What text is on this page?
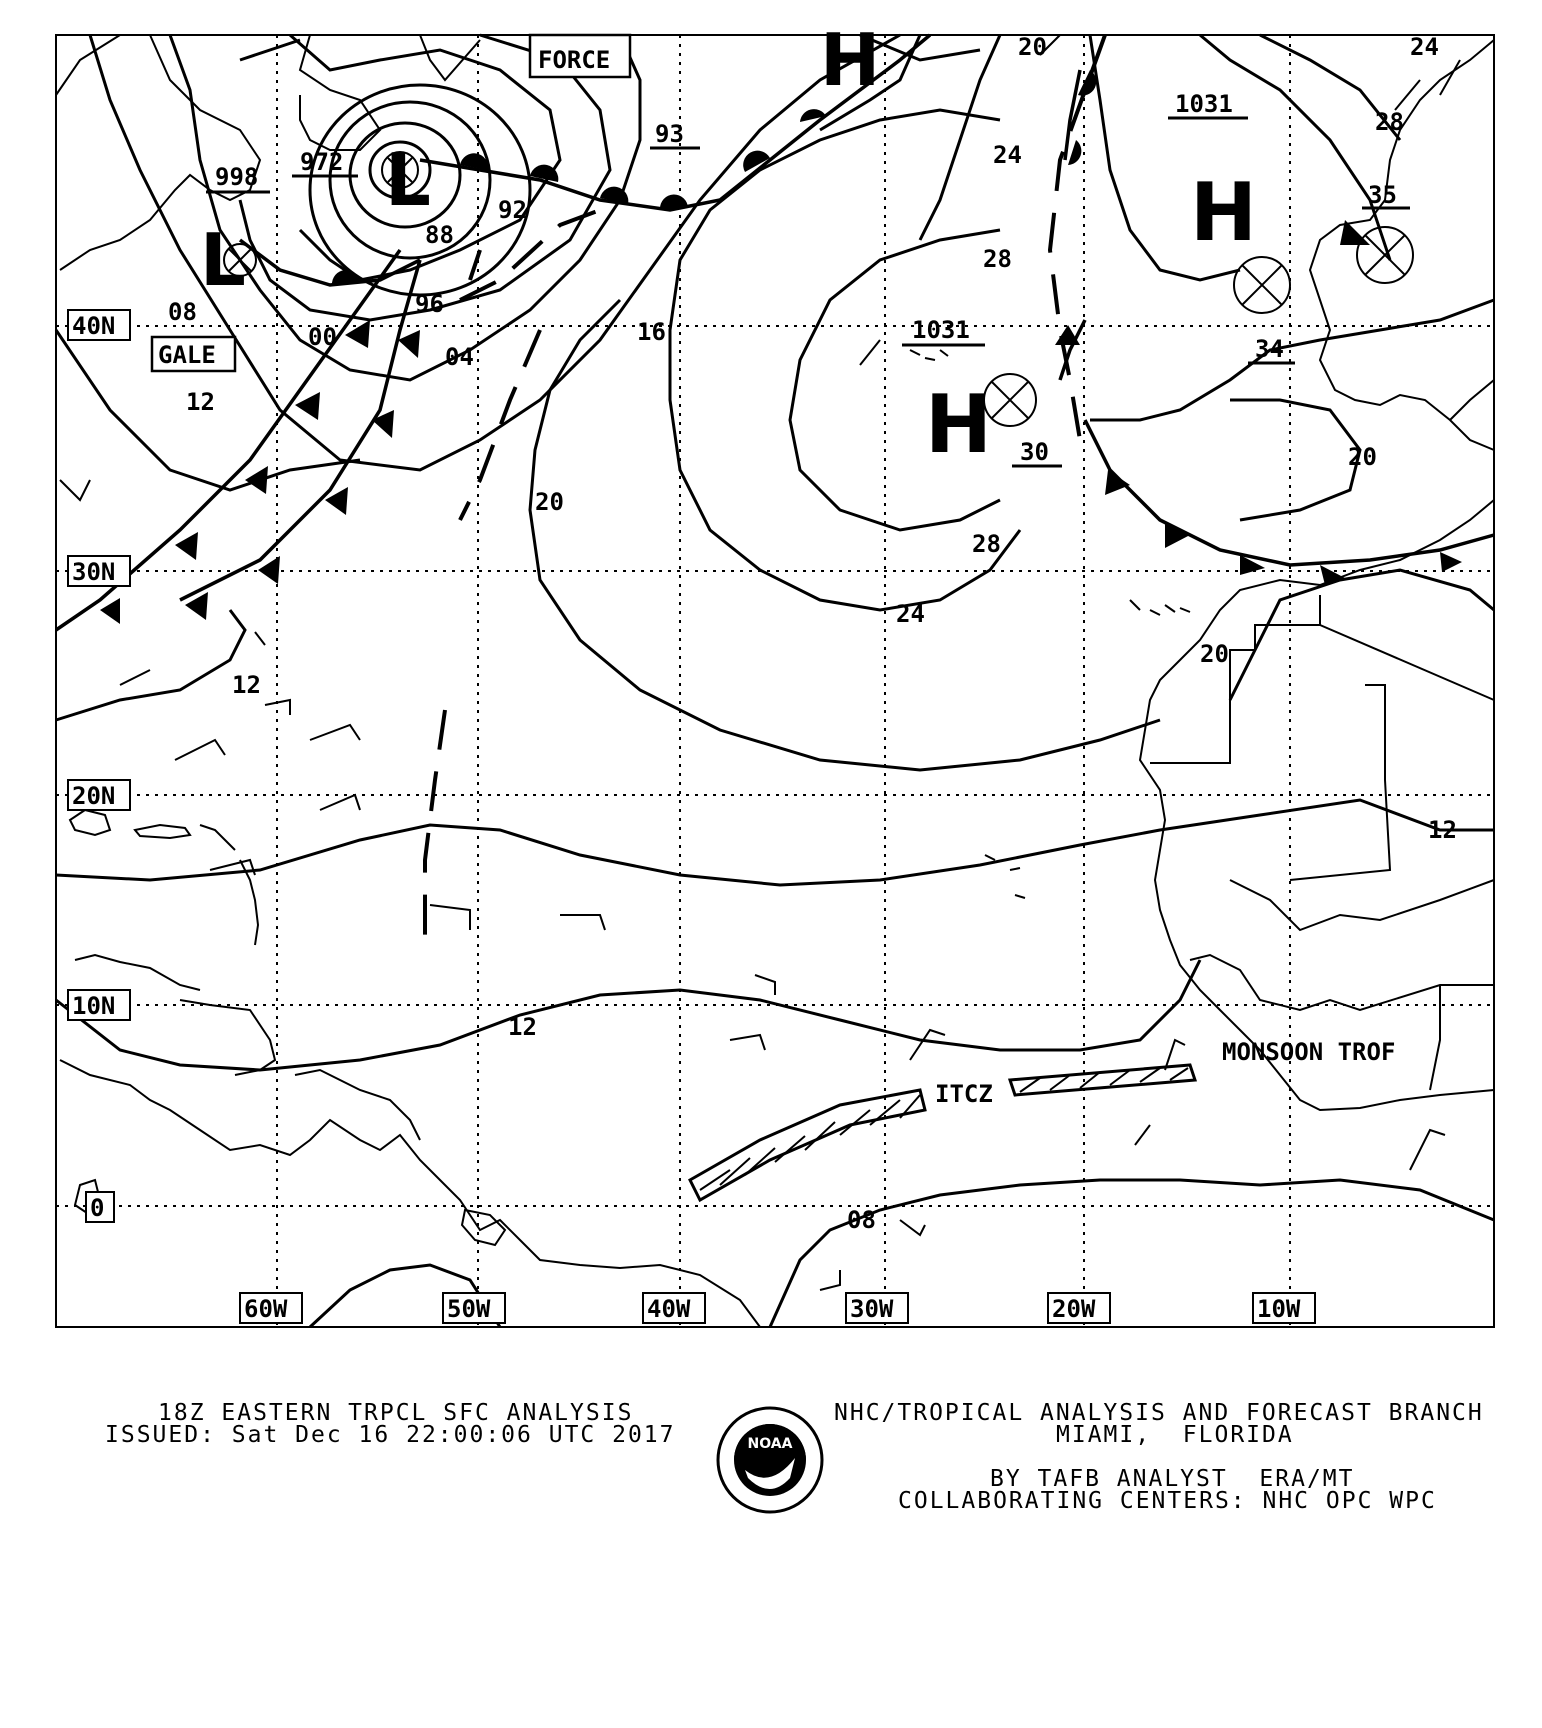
L
L
H
H
H
998
972
93
1031
1031
92
88
96
00
08
04
16
24
28
20
12
24
28
30
20
34
35
28
24
20
20
12
12
12
08
FORCE
GALE
ITCZ
MONSOON TROF
40N
30N
20N
10N
0
60W	50W	40W	30W	20W	10W
NOAA
18Z EASTERN TRPCL SFC ANALYSIS
ISSUED: Sat Dec 16 22:00:06 UTC 2017
NHC/TROPICAL ANALYSIS AND FORECAST BRANCH
MIAMI,  FLORIDA
BY TAFB ANALYST  ERA/MT
COLLABORATING CENTERS: NHC OPC WPC
